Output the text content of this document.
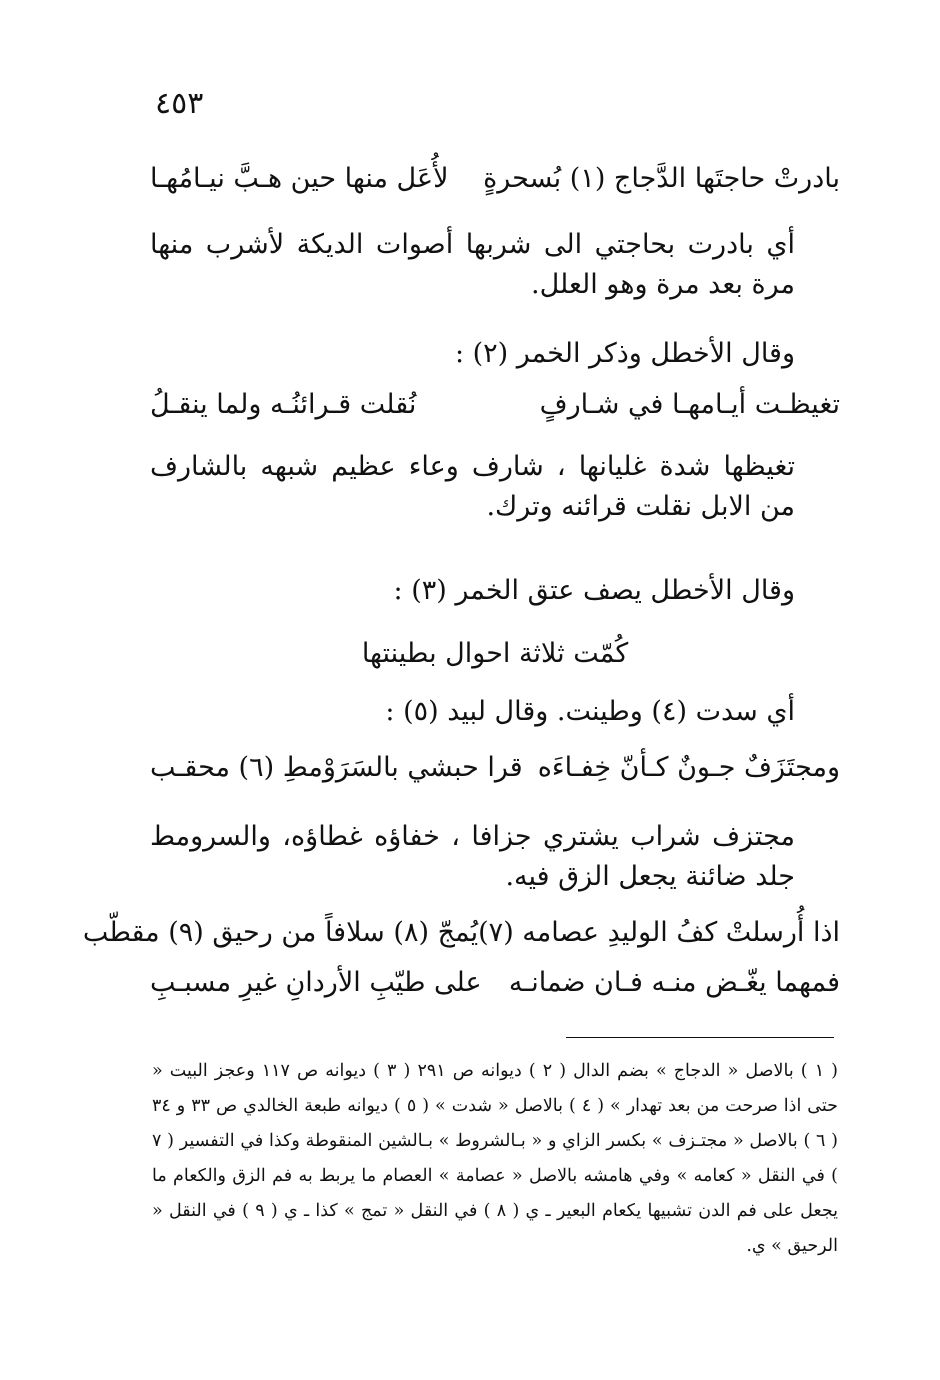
٤٥٣
بادرتْ حاجتَها الدَّجاج (١) بُسحرةٍ
لأُعَل منها حين هـبَّ نيـامُهـا
أي بادرت بحاجتي الى شربها أصوات الديكة لأشرب منها مرة بعد مرة وهو العلل.
وقال الأخطل وذكر الخمر (٢) :
تغيظـت أيـامهـا في شـارفٍ
نُقلت قـرائنُـه ولما ينقـلُ
تغيظها شدة غليانها ، شارف وعاء عظيم شبهه بالشارف من الابل نقلت قرائنه وترك.
وقال الأخطل يصف عتق الخمر (٣) :
كُمّت ثلاثة احوال بطينتها
أي سدت (٤) وطينت. وقال لبيد (٥) :
ومجتَزَفٌ جـونٌ كـأنّ خِفـاءَه
قرا حبشي بالسَرَوْمطِ (٦) محقـب
مجتزف شراب يشتري جزافا ، خفاؤه غطاؤه، والسرومط جلد ضائنة يجعل الزق فيه.
اذا أُرسلتْ كفُ الوليدِ عصامه (٧)
يُمجّ (٨) سلافاً من رحيق (٩) مقطّب
فمهما يغّـض منـه فـان ضمانـه
على طيّبِ الأردانِ غيرِ مسبـبِ
( ١ ) بالاصل « الدجاج » بضم الدال ( ٢ ) ديوانه ص ٢٩١ ( ٣ ) ديوانه ص ١١٧ وعجز البيت « حتى اذا صرحت من بعد تهدار » ( ٤ ) بالاصل « شدت » ( ٥ ) ديوانه طبعة الخالدي ص ٣٣ و ٣٤ ( ٦ ) بالاصل « مجتـزف » بكسر الزاي و « بـالشروط » بـالشين المنقوطة وكذا في التفسير ( ٧ ) في النقل « كعامه » وفي هامشه بالاصل « عصامة » العصام ما يربط به فم الزق والكعام ما يجعل على فم الدن تشبيها يكعام البعير ـ ي ( ٨ ) في النقل « تمج » كذا ـ ي ( ٩ ) في النقل « الرحيق » ي.
